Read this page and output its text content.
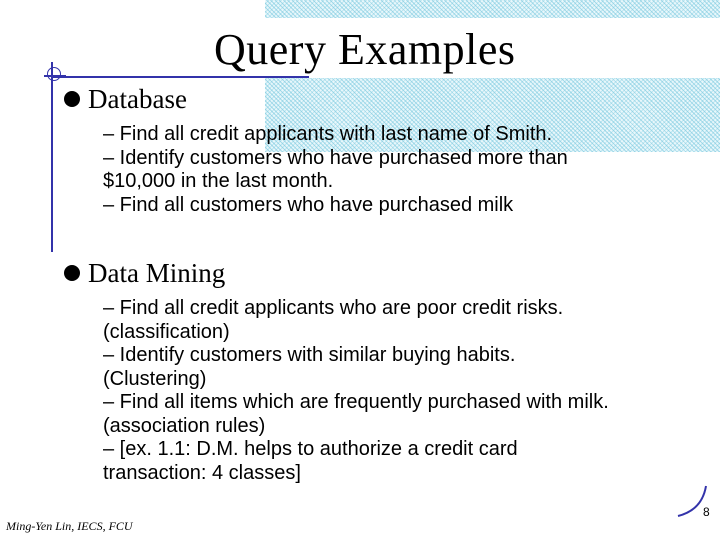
Query Examples
Database
– Find all credit applicants with last name of Smith.
– Identify customers who have purchased more than $10,000 in the last month.
– Find all customers who have purchased milk
Data Mining
– Find all credit applicants who are poor credit risks. (classification)
– Identify customers with similar buying habits. (Clustering)
– Find all items which are frequently purchased with milk. (association rules)
– [ex. 1.1: D.M. helps to authorize a credit card transaction: 4 classes]
Ming-Yen Lin, IECS, FCU
8
